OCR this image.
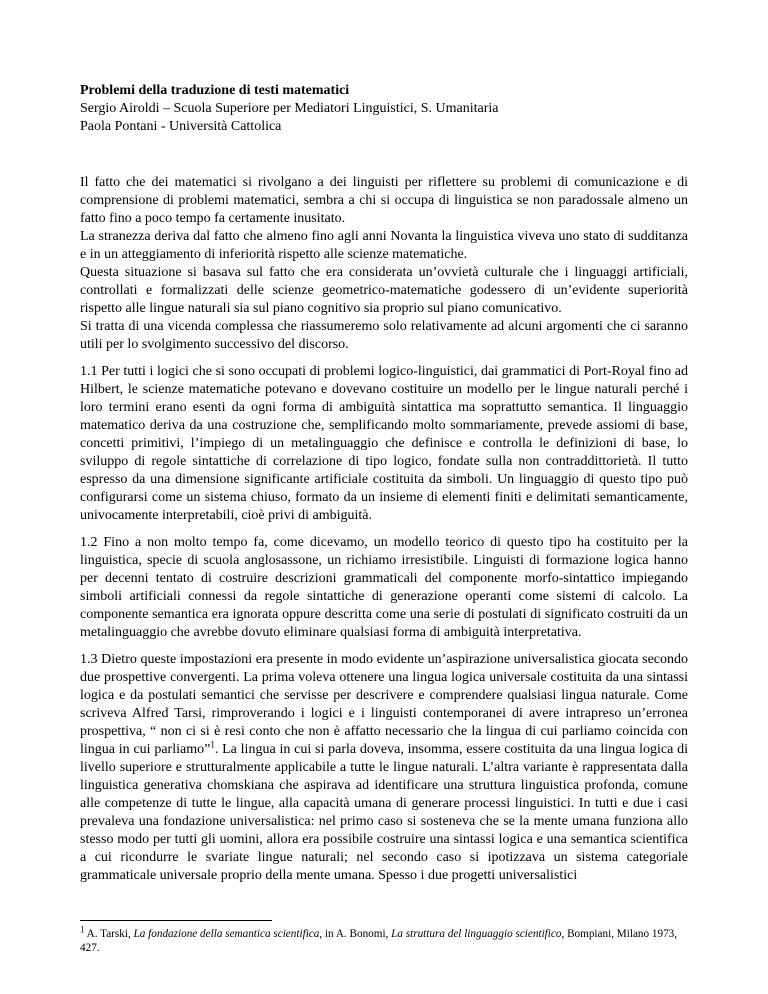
Problemi della traduzione di testi matematici

Sergio Airoldi – Scuola Superiore per Mediatori Linguistici, S. Umanitaria

Paola Pontani - Università Cattolica

Il fatto che dei matematici si rivolgano a dei linguisti per riflettere su problemi di comunicazione e di comprensione di problemi matematici, sembra a chi si occupa di linguistica se non paradossale almeno un fatto fino a poco tempo fa certamente inusitato.

La stranezza deriva dal fatto che almeno fino agli anni Novanta la linguistica viveva uno stato di sudditanza e in un atteggiamento di inferiorità rispetto alle scienze matematiche.

Questa situazione si basava sul fatto che era considerata un’ovvietà culturale che i linguaggi artificiali, controllati e formalizzati delle scienze geometrico-matematiche godessero di un’evidente superiorità rispetto alle lingue naturali sia sul piano cognitivo sia proprio sul piano comunicativo.

Si tratta di una vicenda complessa che riassumeremo solo relativamente ad alcuni argomenti che ci saranno utili per lo svolgimento successivo del discorso.

1.1 Per tutti i logici che si sono occupati di problemi logico-linguistici, dai grammatici di Port-Royal fino ad Hilbert, le scienze matematiche potevano e dovevano costituire un modello per le lingue naturali perché i loro termini erano esenti da ogni forma di ambiguità sintattica ma soprattutto semantica. Il linguaggio matematico deriva da una costruzione che, semplificando molto sommariamente, prevede assiomi di base, concetti primitivi, l’impiego di un metalinguaggio che definisce e controlla le definizioni di base, lo sviluppo di regole sintattiche di correlazione di tipo logico, fondate sulla non contraddittorietà. Il tutto espresso da una dimensione significante artificiale costituita da simboli. Un linguaggio di questo tipo può configurarsi come un sistema chiuso, formato da un insieme di elementi finiti e delimitati semanticamente, univocamente interpretabili, cioè privi di ambiguità.

1.2 Fino a non molto tempo fa, come dicevamo, un modello teorico di questo tipo ha costituito per la linguistica, specie di scuola anglosassone, un richiamo irresistibile. Linguisti di formazione logica hanno per decenni tentato di costruire descrizioni grammaticali del componente morfo-sintattico impiegando simboli artificiali connessi da regole sintattiche di generazione operanti come sistemi di calcolo. La componente semantica era ignorata oppure descritta come una serie di postulati di significato costruiti da un metalinguaggio che avrebbe dovuto eliminare qualsiasi forma di ambiguità interpretativa.

1.3 Dietro queste impostazioni era presente in modo evidente un’aspirazione universalistica giocata secondo due prospettive convergenti. La prima voleva ottenere una lingua logica universale costituita da una sintassi logica e da postulati semantici che servisse per descrivere e comprendere qualsiasi lingua naturale. Come scriveva Alfred Tarsi, rimproverando i logici e i linguisti contemporanei di avere intrapreso un’erronea prospettiva, “ non ci si è resi conto che non è affatto necessario che la lingua di cui parliamo coincida con lingua in cui parliamo”$^1$. La lingua in cui si parla doveva, insomma, essere costituita da una lingua logica di livello superiore e strutturalmente applicabile a tutte le lingue naturali. L’altra variante è rappresentata dalla linguistica generativa chomskiana che aspirava ad identificare una struttura linguistica profonda, comune alle competenze di tutte le lingue, alla capacità umana di generare processi linguistici. In tutti e due i casi prevaleva una fondazione universalistica: nel primo caso si sosteneva che se la mente umana funziona allo stesso modo per tutti gli uomini, allora era possibile costruire una sintassi logica e una semantica scientifica a cui ricondurre le svariate lingue naturali; nel secondo caso si ipotizzava un sistema categoriale grammaticale universale proprio della mente umana. Spesso i due progetti universalistici

$^1$ A. Tarski, La fondazione della semantica scientifica, in A. Bonomi, La struttura del linguaggio scientifico, Bompiani, Milano 1973, 427.
